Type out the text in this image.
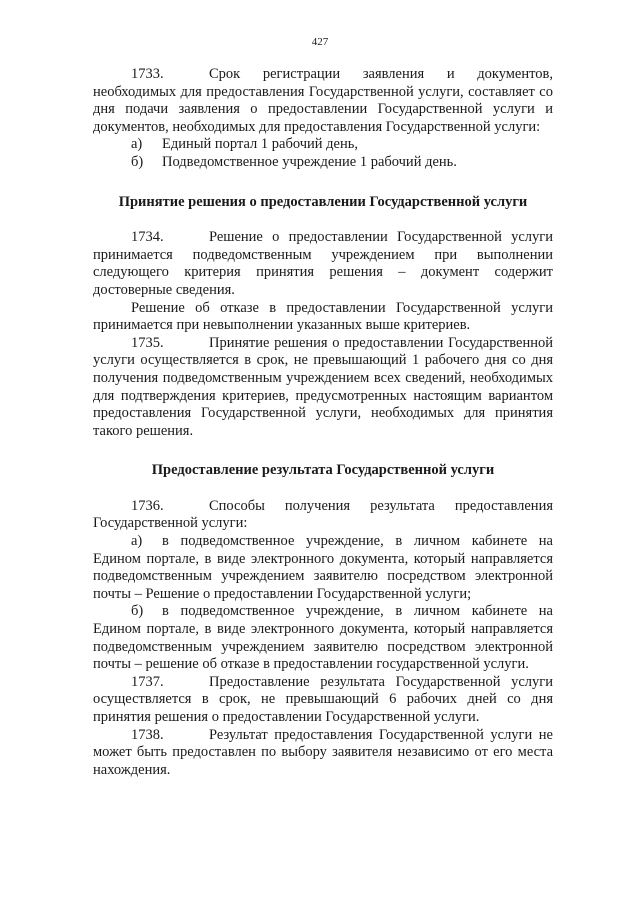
427

1733.	Срок регистрации заявления и документов, необходимых для предоставления Государственной услуги, составляет со дня подачи заявления о предоставлении Государственной услуги и документов, необходимых для предоставления Государственной услуги:

а)	Единый портал 1 рабочий день,
б)	Подведомственное учреждение 1 рабочий день.
Принятие решения о предоставлении Государственной услуги

1734.	Решение о предоставлении Государственной услуги принимается подведомственным учреждением при выполнении следующего критерия принятия решения – документ содержит достоверные сведения.

Решение об отказе в предоставлении Государственной услуги принимается при невыполнении указанных выше критериев.

1735.	Принятие решения о предоставлении Государственной услуги осуществляется в срок, не превышающий 1 рабочего дня со дня получения подведомственным учреждением всех сведений, необходимых для подтверждения критериев, предусмотренных настоящим вариантом предоставления Государственной услуги, необходимых для принятия такого решения.

Предоставление результата Государственной услуги

1736.	Способы получения результата предоставления Государственной услуги:

а) в подведомственное учреждение, в личном кабинете на Едином портале, в виде электронного документа, который направляется подведомственным учреждением заявителю посредством электронной почты – Решение о предоставлении Государственной услуги;

б) в подведомственное учреждение, в личном кабинете на Едином портале, в виде электронного документа, который направляется подведомственным учреждением заявителю посредством электронной почты – решение об отказе в предоставлении государственной услуги.

1737.	Предоставление результата Государственной услуги осуществляется в срок, не превышающий 6 рабочих дней со дня принятия решения о предоставлении Государственной услуги.

1738.	Результат предоставления Государственной услуги не может быть предоставлен по выбору заявителя независимо от его места нахождения.
